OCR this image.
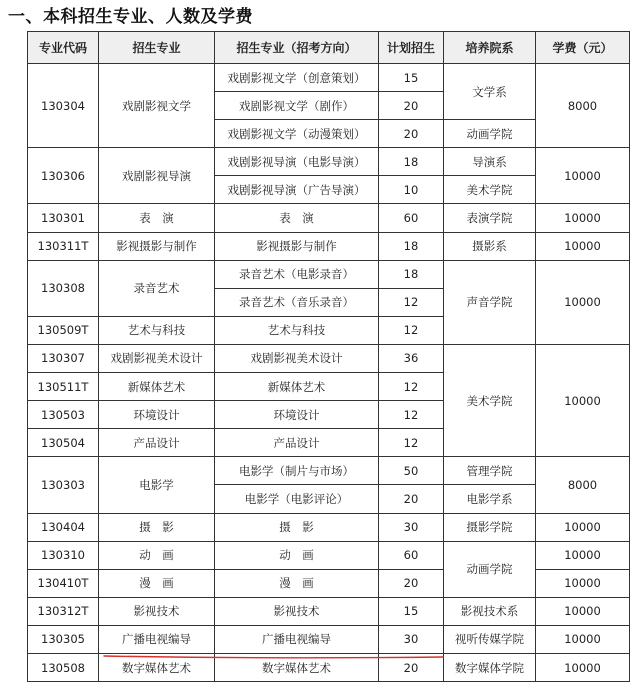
一、本科招生专业、人数及学费
专业代码	招生专业	招生专业（招考方向）	计划招生	培养院系	学费（元）
130304	戏剧影视文学	戏剧影视文学（创意策划）	15	文学系	8000
		戏剧影视文学（剧作）	20		
		戏剧影视文学（动漫策划）	20	动画学院	
130306	戏剧影视导演	戏剧影视导演（电影导演）	18	导演系	10000
		戏剧影视导演（广告导演）	10	美术学院	
130301	表　演	表　演	60	表演学院	10000
130311T	影视摄影与制作	影视摄影与制作	18	摄影系	10000
130308	录音艺术	录音艺术（电影录音）	18	声音学院	10000
		录音艺术（音乐录音）	12		
130509T	艺术与科技	艺术与科技	12		
130307	戏剧影视美术设计	戏剧影视美术设计	36	美术学院	10000
130511T	新媒体艺术	新媒体艺术	12		
130503	环境设计	环境设计	12		
130504	产品设计	产品设计	12		
130303	电影学	电影学（制片与市场）	50	管理学院	8000
		电影学（电影评论）	20	电影学系	
130404	摄　影	摄　影	30	摄影学院	10000
130310	动　画	动　画	60	动画学院	10000
130410T	漫　画	漫　画	20		10000
130312T	影视技术	影视技术	15	影视技术系	10000
130305	广播电视编导	广播电视编导	30	视听传媒学院	10000
130508	数字媒体艺术	数字媒体艺术	20	数字媒体学院	10000
